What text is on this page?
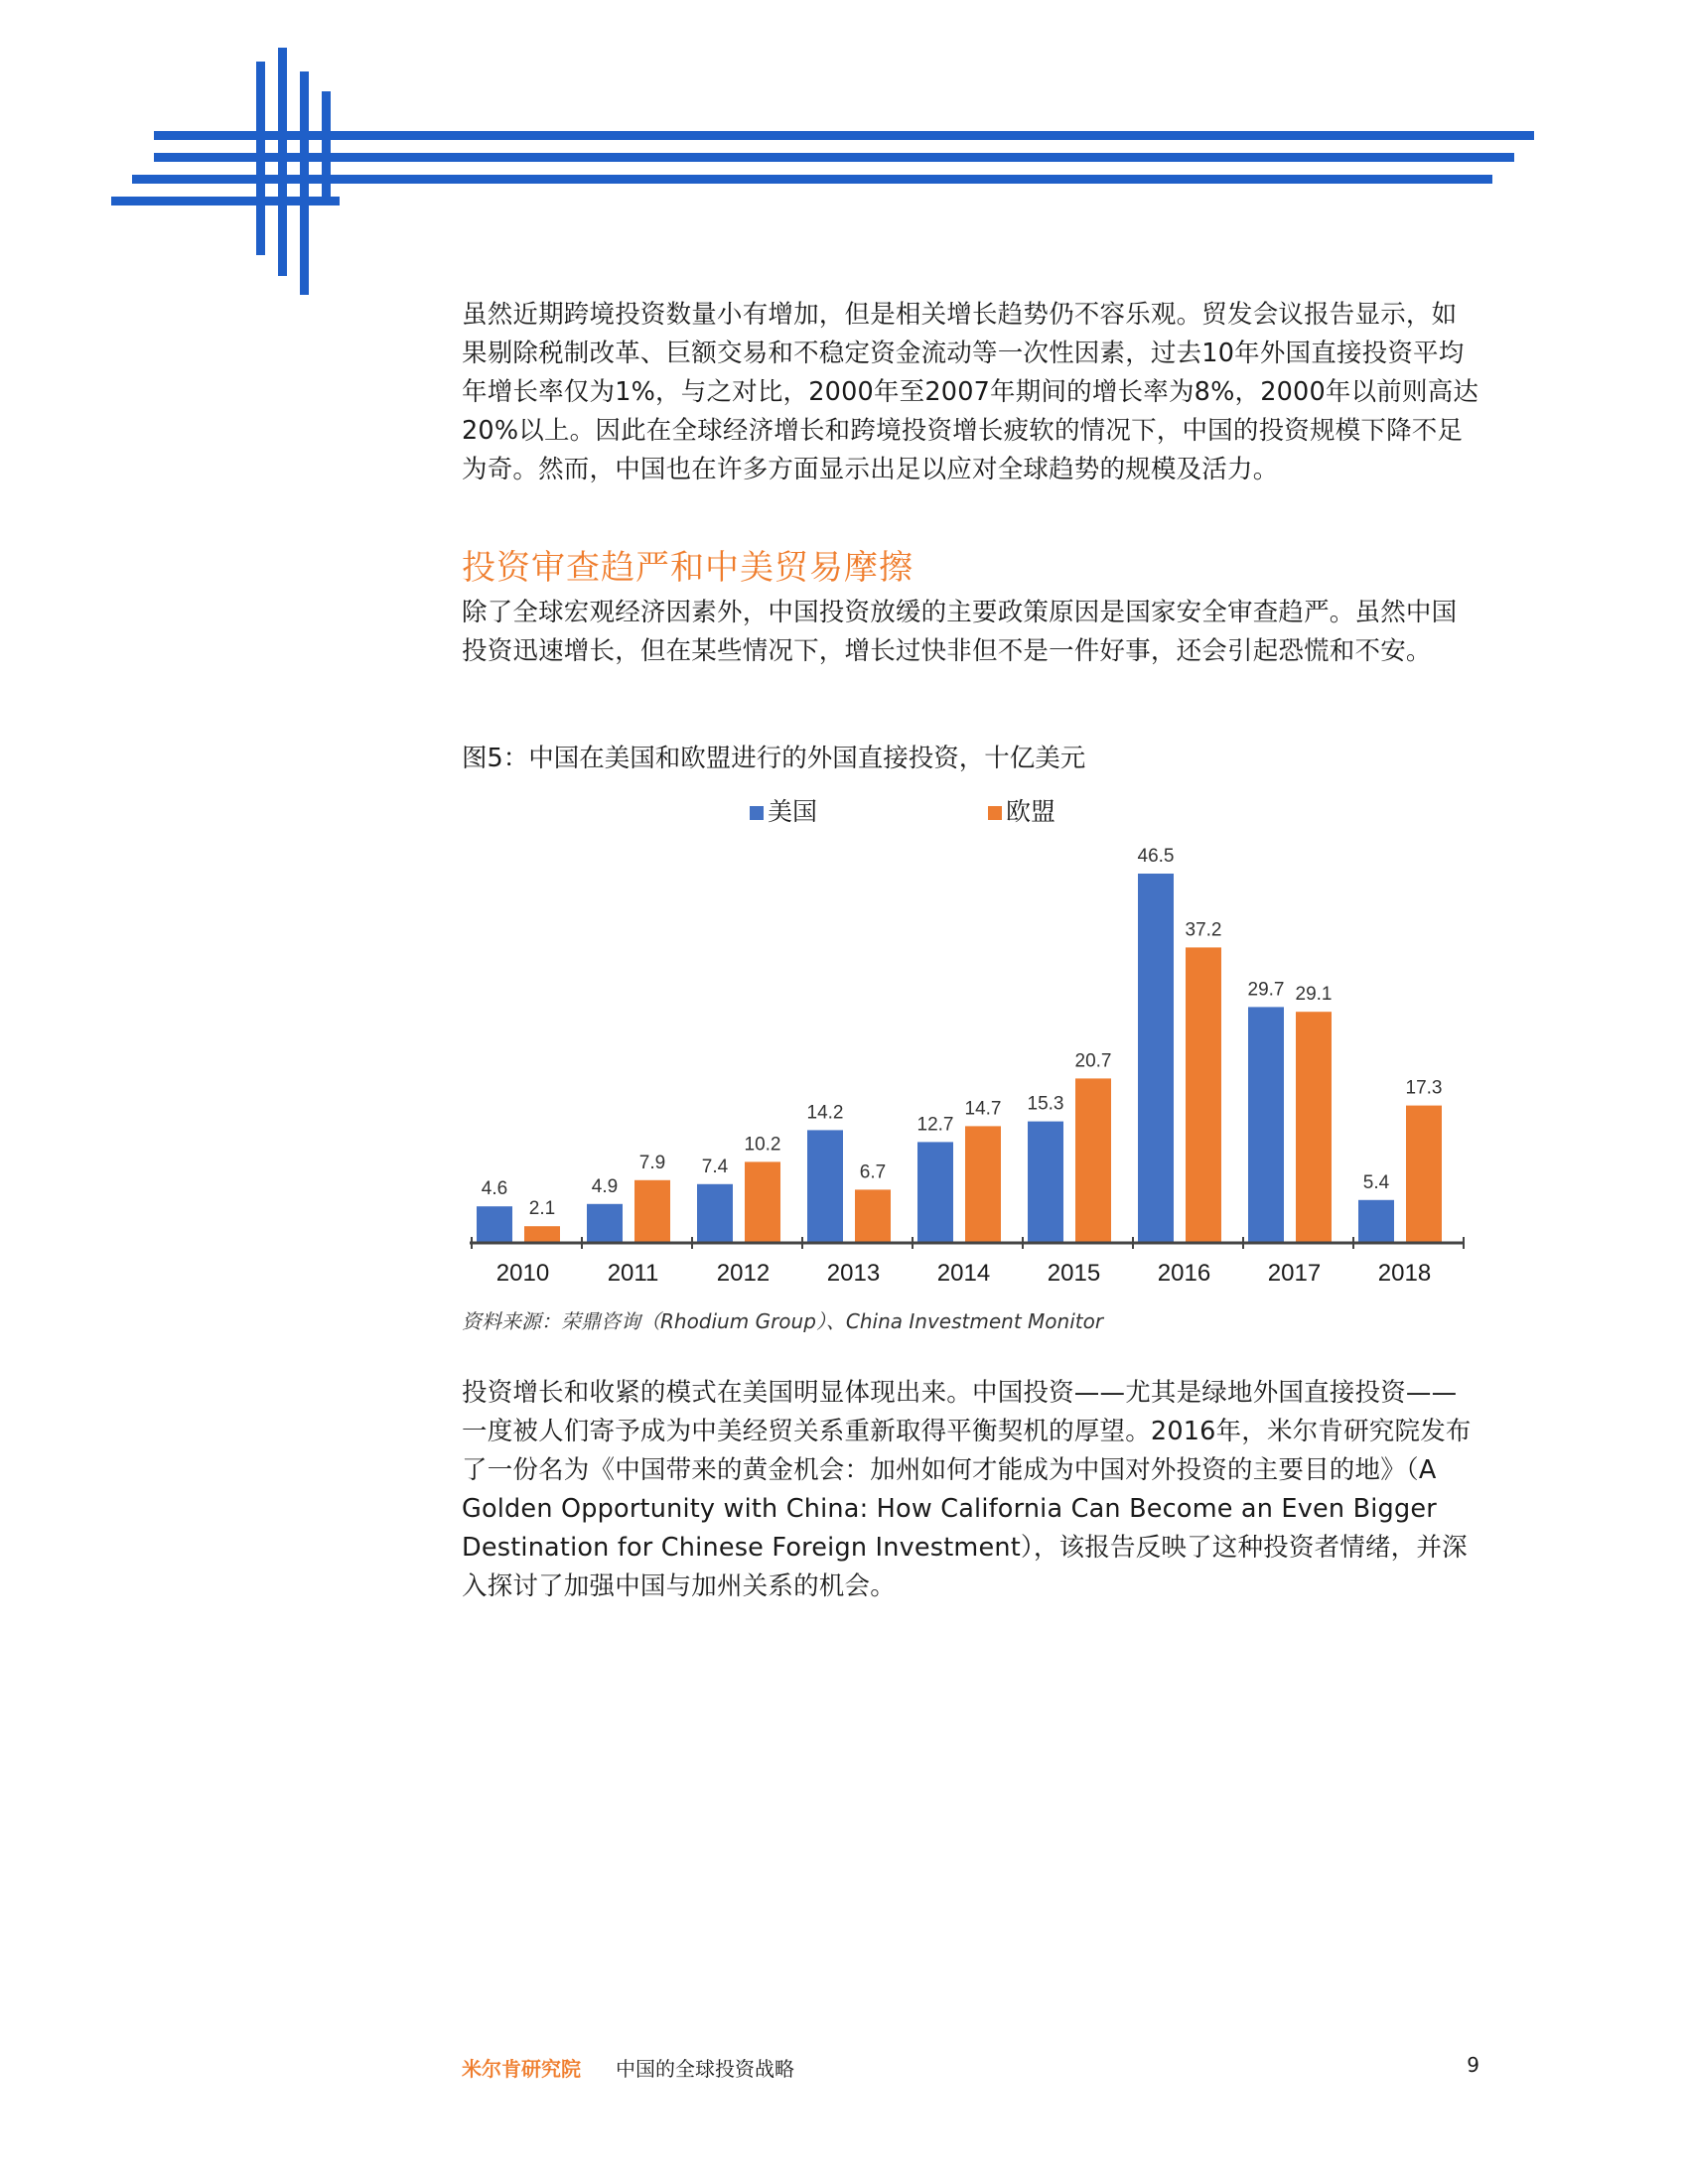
虽然近期跨境投资数量小有增加，但是相关增长趋势仍不容乐观。贸发会议报告显示，如果剔除税制改革、巨额交易和不稳定资金流动等一次性因素，过去10年外国直接投资平均年增长率仅为1%，与之对比，2000年至2007年期间的增长率为8%，2000年以前则高达20%以上。因此在全球经济增长和跨境投资增长疲软的情况下，中国的投资规模下降不足为奇。然而，中国也在许多方面显示出足以应对全球趋势的规模及活力。

投资审查趋严和中美贸易摩擦

除了全球宏观经济因素外，中国投资放缓的主要政策原因是国家安全审查趋严。虽然中国投资迅速增长，但在某些情况下，增长过快非但不是一件好事，还会引起恐慌和不安。

图5：中国在美国和欧盟进行的外国直接投资，十亿美元

美国	欧盟
4.6
2.1
4.9
7.9 7.4
10.2
14.2
6.7
12.7
14.7 15.3
20.7
46.5
37.2
29.7 29.1
5.4
17.3
2010 2011 2012 2013 2014 2015 2016 2017 2018

资料来源：荣鼎咨询（Rhodium Group）、China Investment Monitor

投资增长和收紧的模式在美国明显体现出来。中国投资——尤其是绿地外国直接投资——一度被人们寄予成为中美经贸关系重新取得平衡契机的厚望。2016年，米尔肯研究院发布了一份名为《中国带来的黄金机会：加州如何才能成为中国对外投资的主要目的地》（A Golden Opportunity with China: How California Can Become an Even Bigger Destination for Chinese Foreign Investment），该报告反映了这种投资者情绪，并深入探讨了加强中国与加州关系的机会。

米尔肯研究院 中国的全球投资战略	9
